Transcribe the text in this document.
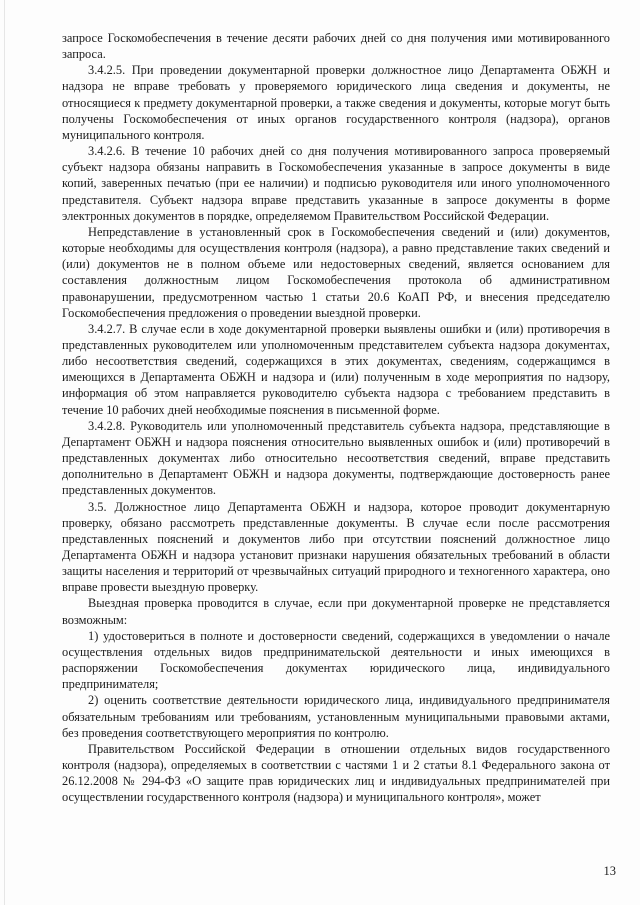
запросе Госкомобеспечения в течение десяти рабочих дней со дня получения ими мотивированного запроса.

3.4.2.5. При проведении документарной проверки должностное лицо Департамента ОБЖН и надзора не вправе требовать у проверяемого юридического лица сведения и документы, не относящиеся к предмету документарной проверки, а также сведения и документы, которые могут быть получены Госкомобеспечения от иных органов государственного контроля (надзора), органов муниципального контроля.

3.4.2.6. В течение 10 рабочих дней со дня получения мотивированного запроса проверяемый субъект надзора обязаны направить в Госкомобеспечения указанные в запросе документы в виде копий, заверенных печатью (при ее наличии) и подписью руководителя или иного уполномоченного представителя. Субъект надзора вправе представить указанные в запросе документы в форме электронных документов в порядке, определяемом Правительством Российской Федерации.

Непредставление в установленный срок в Госкомобеспечения сведений и (или) документов, которые необходимы для осуществления контроля (надзора), а равно представление таких сведений и (или) документов не в полном объеме или недостоверных сведений, является основанием для составления должностным лицом Госкомобеспечения протокола об административном правонарушении, предусмотренном частью 1 статьи 20.6 КоАП РФ, и внесения председателю Госкомобеспечения предложения о проведении выездной проверки.

3.4.2.7. В случае если в ходе документарной проверки выявлены ошибки и (или) противоречия в представленных руководителем или уполномоченным представителем субъекта надзора документах, либо несоответствия сведений, содержащихся в этих документах, сведениям, содержащимся в имеющихся в Департамента ОБЖН и надзора и (или) полученным в ходе мероприятия по надзору, информация об этом направляется руководителю субъекта надзора с требованием представить в течение 10 рабочих дней необходимые пояснения в письменной форме.

3.4.2.8. Руководитель или уполномоченный представитель субъекта надзора, представляющие в Департамент ОБЖН и надзора пояснения относительно выявленных ошибок и (или) противоречий в представленных документах либо относительно несоответствия сведений, вправе представить дополнительно в Департамент ОБЖН и надзора документы, подтверждающие достоверность ранее представленных документов.

3.5. Должностное лицо Департамента ОБЖН и надзора, которое проводит документарную проверку, обязано рассмотреть представленные документы. В случае если после рассмотрения представленных пояснений и документов либо при отсутствии пояснений должностное лицо Департамента ОБЖН и надзора установит признаки нарушения обязательных требований в области защиты населения и территорий от чрезвычайных ситуаций природного и техногенного характера, оно вправе провести выездную проверку.

Выездная проверка проводится в случае, если при документарной проверке не представляется возможным:

1) удостовериться в полноте и достоверности сведений, содержащихся в уведомлении о начале осуществления отдельных видов предпринимательской деятельности и иных имеющихся в распоряжении Госкомобеспечения документах юридического лица, индивидуального предпринимателя;

2) оценить соответствие деятельности юридического лица, индивидуального предпринимателя обязательным требованиям или требованиям, установленным муниципальными правовыми актами, без проведения соответствующего мероприятия по контролю.

Правительством Российской Федерации в отношении отдельных видов государственного контроля (надзора), определяемых в соответствии с частями 1 и 2 статьи 8.1 Федерального закона от 26.12.2008 № 294-ФЗ «О защите прав юридических лиц и индивидуальных предпринимателей при осуществлении государственного контроля (надзора) и муниципального контроля», может

13
